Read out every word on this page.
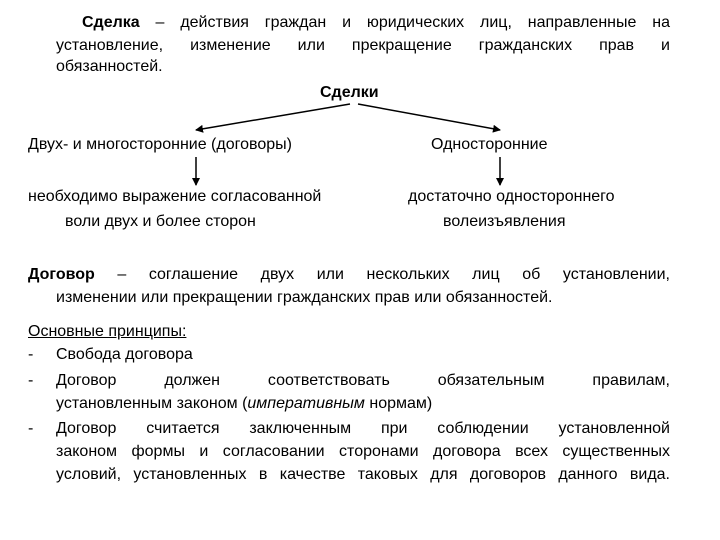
Сделка – действия граждан и юридических лиц, направленные на
установление, изменение или прекращение гражданских прав и
обязанностей.
Сделки
Двух- и многосторонние (договоры)	Односторонние
необходимо выражение согласованной
воли двух и более сторон
достаточно одностороннего
волеизъявления
Договор – соглашение двух или нескольких лиц об установлении,
изменении или прекращении гражданских прав или обязанностей.
Основные принципы:
- Свобода договора
- Договор должен соответствовать обязательным правилам,
установленным законом (императивным нормам)
- Договор считается заключенным при соблюдении установленной
законом формы и согласовании сторонами договора всех существенных
условий, установленных в качестве таковых для договоров данного вида.
